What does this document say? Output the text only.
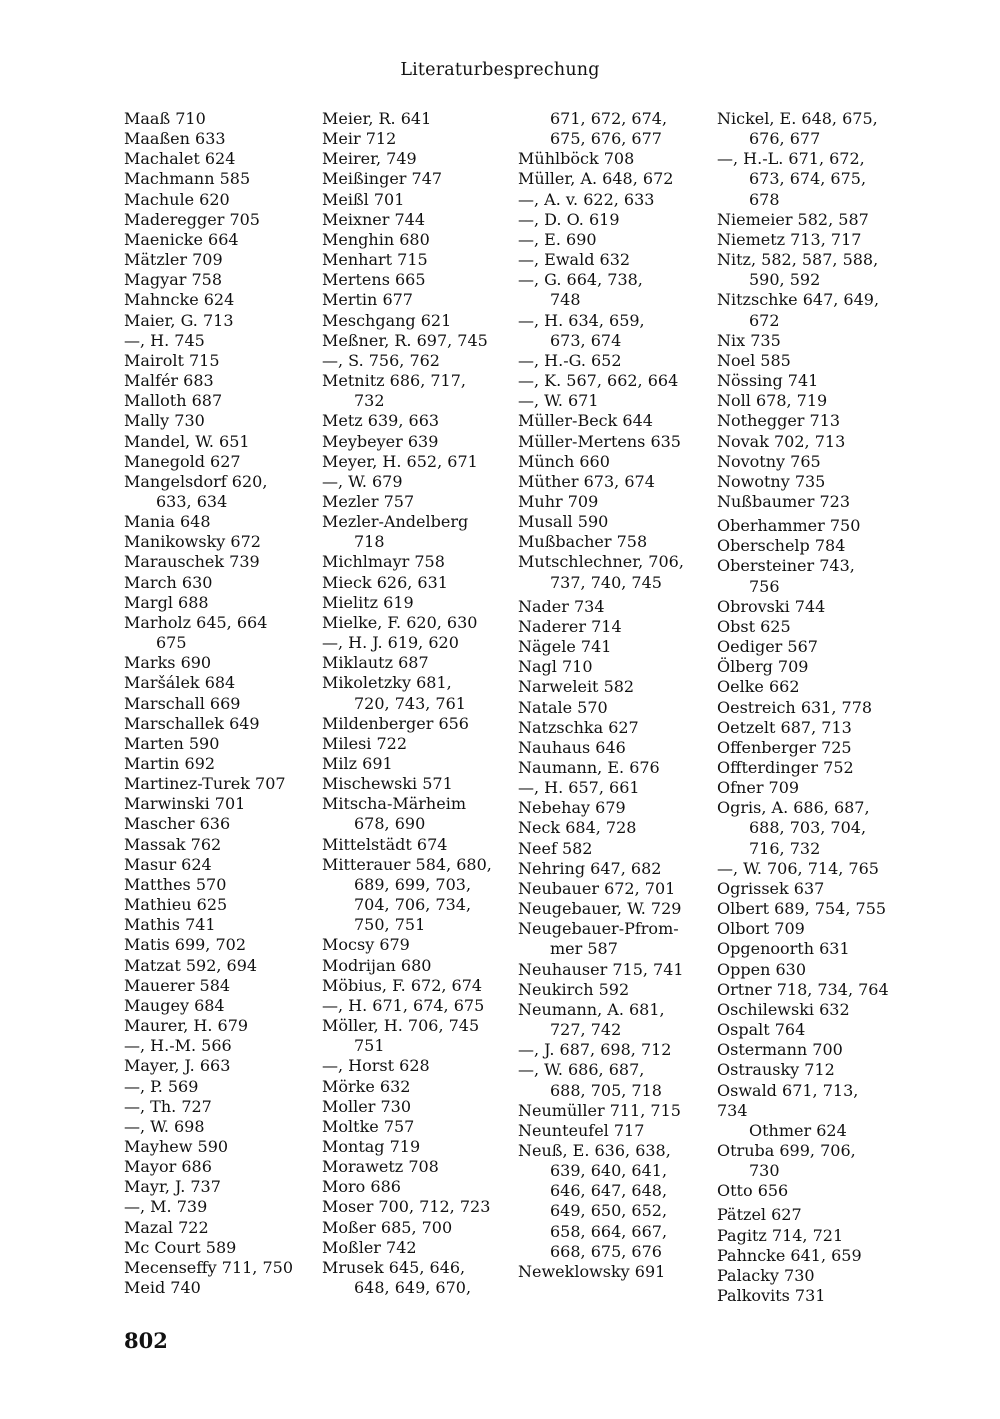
Literaturbesprechung
Maaß 710
Maaßen 633
Machalet 624
Machmann 585
Machule 620
Maderegger 705
Maenicke 664
Mätzler 709
Magyar 758
Mahncke 624
Maier, G. 713
—, H. 745
Mairolt 715
Malfér 683
Malloth 687
Mally 730
Mandel, W. 651
Manegold 627
Mangelsdorf 620,
633, 634
Mania 648
Manikowsky 672
Marauschek 739
March 630
Margl 688
Marholz 645, 664
675
Marks 690
Maršálek 684
Marschall 669
Marschallek 649
Marten 590
Martin 692
Martinez-Turek 707
Marwinski 701
Mascher 636
Massak 762
Masur 624
Matthes 570
Mathieu 625
Mathis 741
Matis 699, 702
Matzat 592, 694
Mauerer 584
Maugey 684
Maurer, H. 679
—, H.-M. 566
Mayer, J. 663
—, P. 569
—, Th. 727
—, W. 698
Mayhew 590
Mayor 686
Mayr, J. 737
—, M. 739
Mazal 722
Mc Court 589
Mecenseffy 711, 750
Meid 740
Meier, R. 641
Meir 712
Meirer, 749
Meißinger 747
Meißl 701
Meixner 744
Menghin 680
Menhart 715
Mertens 665
Mertin 677
Meschgang 621
Meßner, R. 697, 745
—, S. 756, 762
Metnitz 686, 717,
732
Metz 639, 663
Meybeyer 639
Meyer, H. 652, 671
—, W. 679
Mezler 757
Mezler-Andelberg
718
Michlmayr 758
Mieck 626, 631
Mielitz 619
Mielke, F. 620, 630
—, H. J. 619, 620
Miklautz 687
Mikoletzky 681,
720, 743, 761
Mildenberger 656
Milesi 722
Milz 691
Mischewski 571
Mitscha-Märheim
678, 690
Mittelstädt 674
Mitterauer 584, 680,
689, 699, 703,
704, 706, 734,
750, 751
Mocsy 679
Modrijan 680
Möbius, F. 672, 674
—, H. 671, 674, 675
Möller, H. 706, 745
751
—, Horst 628
Mörke 632
Moller 730
Moltke 757
Montag 719
Morawetz 708
Moro 686
Moser 700, 712, 723
Moßer 685, 700
Moßler 742
Mrusek 645, 646,
648, 649, 670,
671, 672, 674,
675, 676, 677
Mühlböck 708
Müller, A. 648, 672
—, A. v. 622, 633
—, D. O. 619
—, E. 690
—, Ewald 632
—, G. 664, 738,
748
—, H. 634, 659,
673, 674
—, H.-G. 652
—, K. 567, 662, 664
—, W. 671
Müller-Beck 644
Müller-Mertens 635
Münch 660
Müther 673, 674
Muhr 709
Musall 590
Mußbacher 758
Mutschlechner, 706,
737, 740, 745
Nader 734
Naderer 714
Nägele 741
Nagl 710
Narweleit 582
Natale 570
Natzschka 627
Nauhaus 646
Naumann, E. 676
—, H. 657, 661
Nebehay 679
Neck 684, 728
Neef 582
Nehring 647, 682
Neubauer 672, 701
Neugebauer, W. 729
Neugebauer-Pfrom-
mer 587
Neuhauser 715, 741
Neukirch 592
Neumann, A. 681,
727, 742
—, J. 687, 698, 712
—, W. 686, 687,
688, 705, 718
Neumüller 711, 715
Neunteufel 717
Neuß, E. 636, 638,
639, 640, 641,
646, 647, 648,
649, 650, 652,
658, 664, 667,
668, 675, 676
Neweklowsky 691
Nickel, E. 648, 675,
676, 677
—, H.-L. 671, 672,
673, 674, 675,
678
Niemeier 582, 587
Niemetz 713, 717
Nitz, 582, 587, 588,
590, 592
Nitzschke 647, 649,
672
Nix 735
Noel 585
Nössing 741
Noll 678, 719
Nothegger 713
Novak 702, 713
Novotny 765
Nowotny 735
Nußbaumer 723
Oberhammer 750
Oberschelp 784
Obersteiner 743,
756
Obrovski 744
Obst 625
Oediger 567
Ölberg 709
Oelke 662
Oestreich 631, 778
Oetzelt 687, 713
Offenberger 725
Offterdinger 752
Ofner 709
Ogris, A. 686, 687,
688, 703, 704,
716, 732
—, W. 706, 714, 765
Ogrissek 637
Olbert 689, 754, 755
Olbort 709
Opgenoorth 631
Oppen 630
Ortner 718, 734, 764
Oschilewski 632
Ospalt 764
Ostermann 700
Ostrausky 712
Oswald 671, 713,
734
Othmer 624
Otruba 699, 706,
730
Otto 656
Pätzel 627
Pagitz 714, 721
Pahncke 641, 659
Palacky 730
Palkovits 731
802
